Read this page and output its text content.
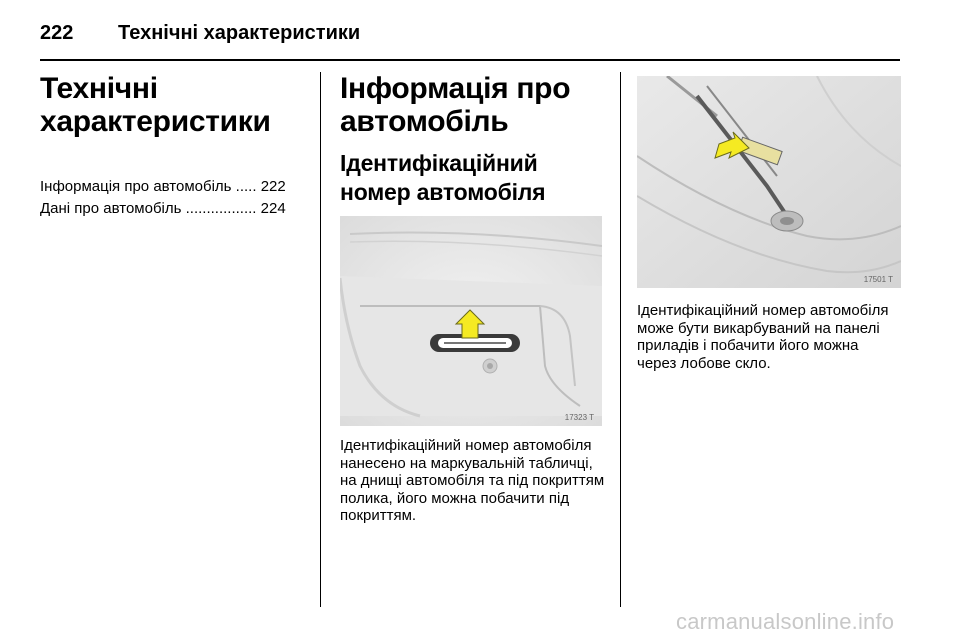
222	Технічні характеристики
Технічні характеристики
Інформація про автомобіль
.....
222
Дані про автомобіль
.................
224
Інформація про автомобіль
Ідентифікаційний номер автомобіля
17323 T

Ідентифікаційний номер автомобіля нанесено на маркувальній табличці, на днищі автомобіля та під покриттям полика, його можна побачити під покриттям.

17501 T

Ідентифікаційний номер автомобіля може бути викарбуваний на панелі приладів і побачити його можна через лобове скло.

carmanualsonline.info
